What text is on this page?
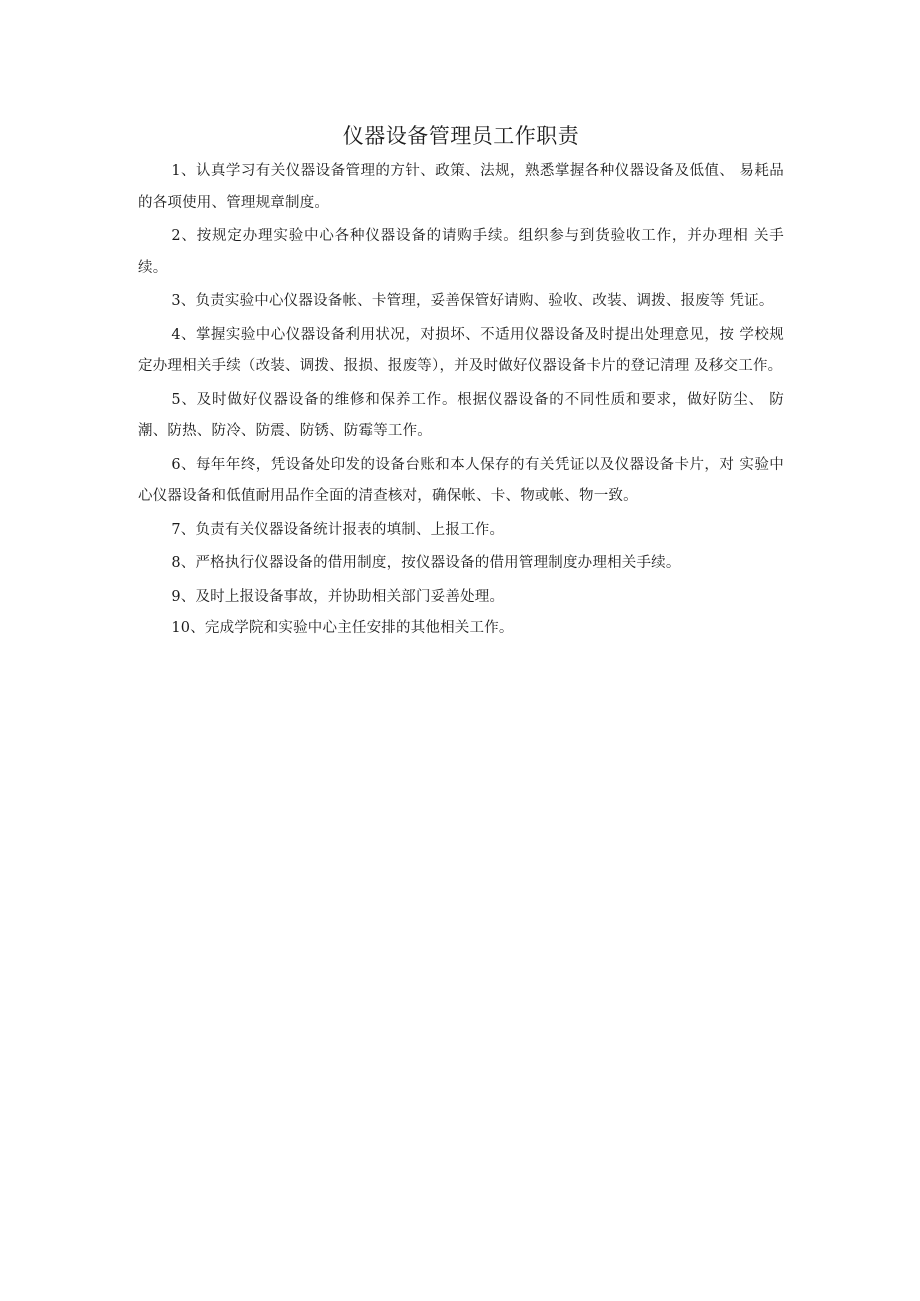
仪器设备管理员工作职责

1、认真学习有关仪器设备管理的方针、政策、法规，熟悉掌握各种仪器设备及低值、 易耗品的各项使用、管理规章制度。

2、按规定办理实验中心各种仪器设备的请购手续。组织参与到货验收工作，并办理相 关手续。

3、负责实验中心仪器设备帐、卡管理，妥善保管好请购、验收、改装、调拨、报废等 凭证。

4、掌握实验中心仪器设备利用状况，对损坏、不适用仪器设备及时提出处理意见，按 学校规定办理相关手续（改装、调拨、报损、报废等），并及时做好仪器设备卡片的登记清理 及移交工作。

5、及时做好仪器设备的维修和保养工作。根据仪器设备的不同性质和要求，做好防尘、 防潮、防热、防冷、防震、防锈、防霉等工作。

6、每年年终，凭设备处印发的设备台账和本人保存的有关凭证以及仪器设备卡片，对 实验中心仪器设备和低值耐用品作全面的清查核对，确保帐、卡、物或帐、物一致。

7、负责有关仪器设备统计报表的填制、上报工作。

8、严格执行仪器设备的借用制度，按仪器设备的借用管理制度办理相关手续。

9、及时上报设备事故，并协助相关部门妥善处理。

10、完成学院和实验中心主任安排的其他相关工作。
